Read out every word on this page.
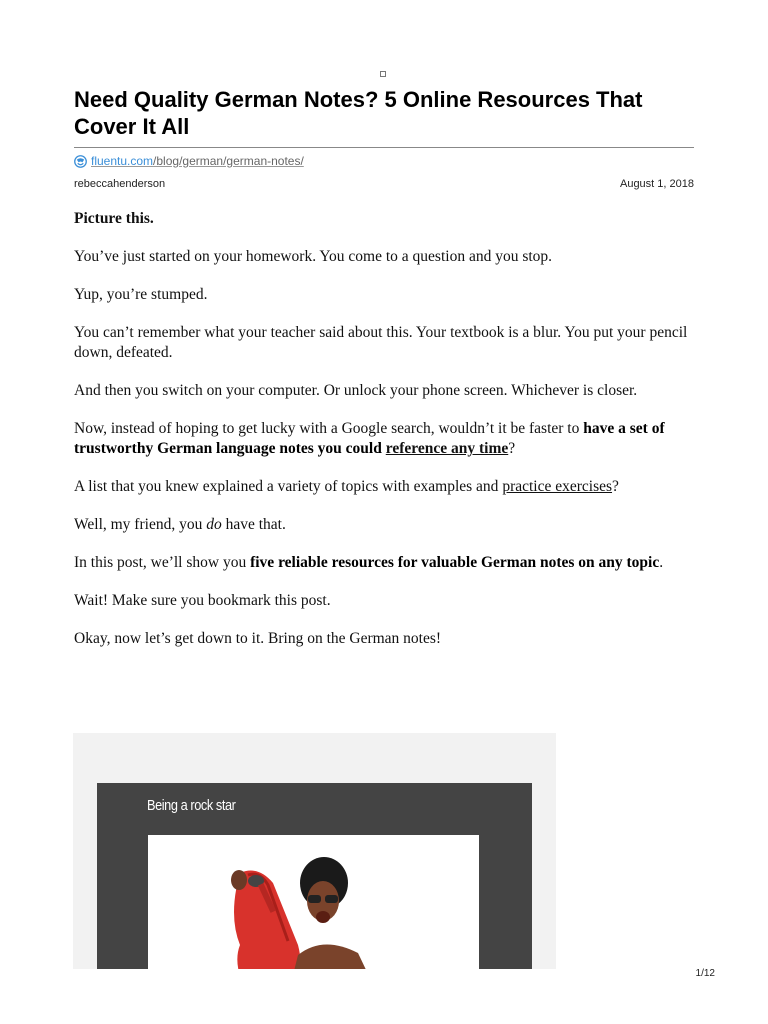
Need Quality German Notes? 5 Online Resources That Cover It All
fluentu.com/blog/german/german-notes/
rebeccahenderson	August 1, 2018

Picture this.

You’ve just started on your homework. You come to a question and you stop.

Yup, you’re stumped.

You can’t remember what your teacher said about this. Your textbook is a blur. You put your pencil down, defeated.

And then you switch on your computer. Or unlock your phone screen. Whichever is closer.

Now, instead of hoping to get lucky with a Google search, wouldn’t it be faster to have a set of trustworthy German language notes you could reference any time?

A list that you knew explained a variety of topics with examples and practice exercises?

Well, my friend, you do have that.

In this post, we’ll show you five reliable resources for valuable German notes on any topic.

Wait! Make sure you bookmark this post.

Okay, now let’s get down to it. Bring on the German notes!

Being a rock star
1/12
